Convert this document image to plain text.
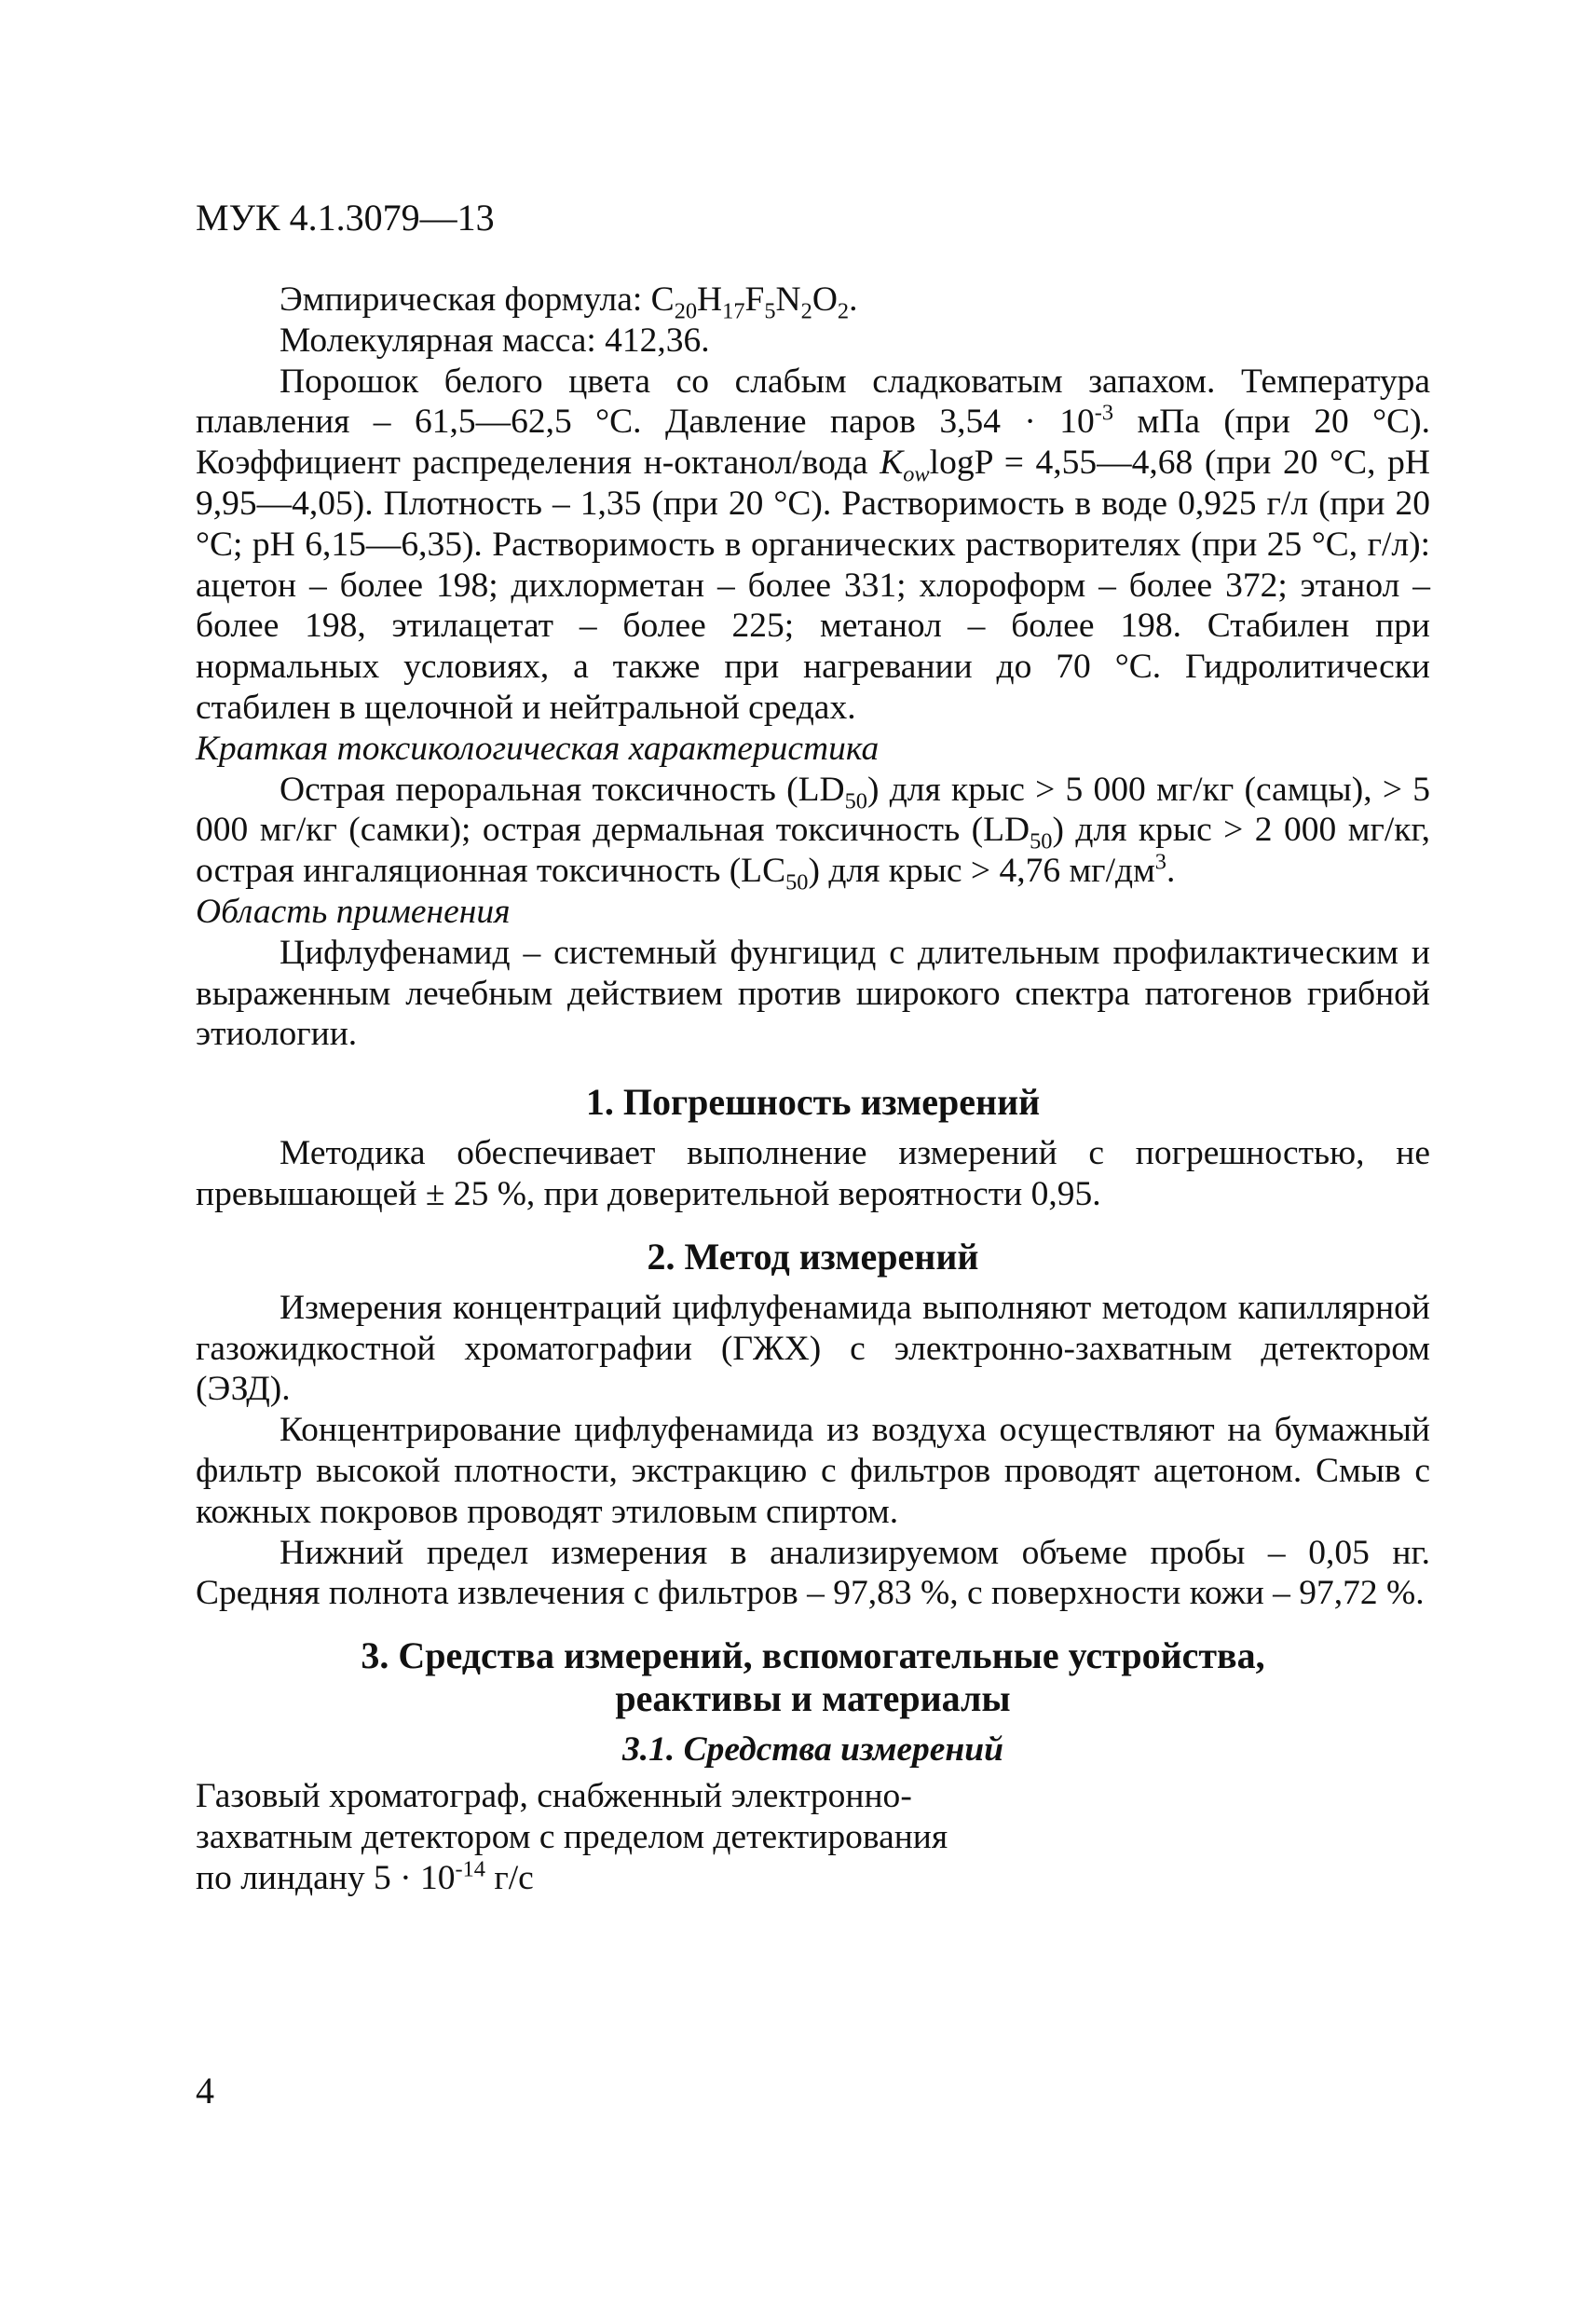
МУК 4.1.3079—13

Эмпирическая формула: $C_{20}H_{17}F_5N_2O_2$.

Молекулярная масса: 412,36.

Порошок белого цвета со слабым сладковатым запахом. Температура плавления – 61,5—62,5 °C. Давление паров $3,54 \cdot 10^{-3}$ мПа (при 20 °C). Коэффициент распределения н-октанол/вода $K_{ow}\log P$ = 4,55—4,68 (при 20 °C, pH 9,95—4,05). Плотность – 1,35 (при 20 °C). Растворимость в воде 0,925 г/л (при 20 °C; pH 6,15—6,35). Растворимость в органических растворителях (при 25 °C, г/л): ацетон – более 198; дихлорметан – более 331; хлороформ – более 372; этанол – более 198, этилацетат – более 225; метанол – более 198. Стабилен при нормальных условиях, а также при нагревании до 70 °C. Гидролитически стабилен в щелочной и нейтральной средах.

Краткая токсикологическая характеристика

Острая пероральная токсичность $(LD_{50})$ для крыс > 5 000 мг/кг (самцы), > 5 000 мг/кг (самки); острая дермальная токсичность $(LD_{50})$ для крыс > 2 000 мг/кг, острая ингаляционная токсичность $(LC_{50})$ для крыс > 4,76 $мг/дм^3$.

Область применения

Цифлуфенамид – системный фунгицид с длительным профилактическим и выраженным лечебным действием против широкого спектра патогенов грибной этиологии.

1. Погрешность измерений

Методика обеспечивает выполнение измерений с погрешностью, не превышающей ± 25 %, при доверительной вероятности 0,95.

2. Метод измерений

Измерения концентраций цифлуфенамида выполняют методом капиллярной газожидкостной хроматографии (ГЖХ) с электронно-захватным детектором (ЭЗД).

Концентрирование цифлуфенамида из воздуха осуществляют на бумажный фильтр высокой плотности, экстракцию с фильтров проводят ацетоном. Смыв с кожных покровов проводят этиловым спиртом.

Нижний предел измерения в анализируемом объеме пробы – 0,05 нг. Средняя полнота извлечения с фильтров – 97,83 %, с поверхности кожи – 97,72 %.

3. Средства измерений, вспомогательные устройства,
реактивы и материалы
3.1. Средства измерений

Газовый хроматограф, снабженный электроннозахватным детектором с пределом детектирования по линдану $5 \cdot 10^{-14}$ г/с

4
